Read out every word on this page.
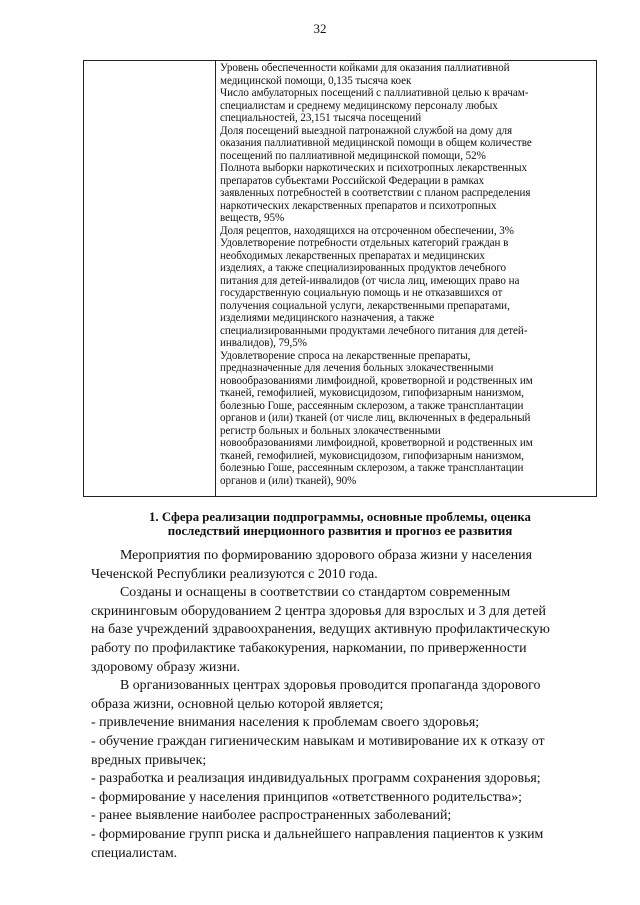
32
Уровень обеспеченности койками для оказания паллиативной
медицинской помощи, 0,135 тысяча коек
Число амбулаторных посещений с паллиативной целью к врачам-
специалистам и среднему медицинскому персоналу любых
специальностей, 23,151 тысяча посещений
Доля посещений выездной патронажной службой на дому для
оказания паллиативной медицинской помощи в общем количестве
посещений по паллиативной медицинской помощи, 52%
Полнота выборки наркотических и психотропных лекарственных
препаратов субъектами Российской Федерации в рамках
заявленных потребностей в соответствии с планом распределения
наркотических лекарственных препаратов и психотропных
веществ, 95%
Доля рецептов, находящихся на отсроченном обеспечении, 3%
Удовлетворение потребности отдельных категорий граждан в
необходимых лекарственных препаратах и медицинских
изделиях, а также специализированных продуктов лечебного
питания для детей-инвалидов (от числа лиц, имеющих право на
государственную социальную помощь и не отказавшихся от
получения социальной услуги, лекарственными препаратами,
изделиями медицинского назначения, а также
специализированными продуктами лечебного питания для детей-
инвалидов), 79,5%
Удовлетворение спроса на лекарственные препараты,
предназначенные для лечения больных злокачественными
новообразованиями лимфоидной, кроветворной и родственных им
тканей, гемофилией, муковисцидозом, гипофизарным нанизмом,
болезнью Гоше, рассеянным склерозом, а также трансплантации
органов и (или) тканей (от числе лиц, включенных в федеральный
регистр больных и больных злокачественными
новообразованиями лимфоидной, кроветворной и родственных им
тканей, гемофилией, муковисцидозом, гипофизарным нанизмом,
болезнью Гоше, рассеянным склерозом, а также трансплантации
органов и (или) тканей), 90%
1. Сфера реализации подпрограммы, основные проблемы, оценка
последствий инерционного развития и прогноз ее развития
Мероприятия по формированию здорового образа жизни у населения
Чеченской Республики реализуются с 2010 года.
Созданы и оснащены в соответствии со стандартом современным
скрининговым оборудованием 2 центра здоровья для взрослых и 3 для детей
на базе учреждений здравоохранения, ведущих активную профилактическую
работу по профилактике табакокурения, наркомании, по приверженности
здоровому образу жизни.
В организованных центрах здоровья проводится пропаганда здорового
образа жизни, основной целью которой является;
- привлечение внимания населения к проблемам своего здоровья;
- обучение граждан гигиеническим навыкам и мотивирование их к отказу от
вредных привычек;
- разработка и реализация индивидуальных программ сохранения здоровья;
- формирование у населения принципов «ответственного родительства»;
- ранее выявление наиболее распространенных заболеваний;
- формирование групп риска и дальнейшего направления пациентов к узким
специалистам.
